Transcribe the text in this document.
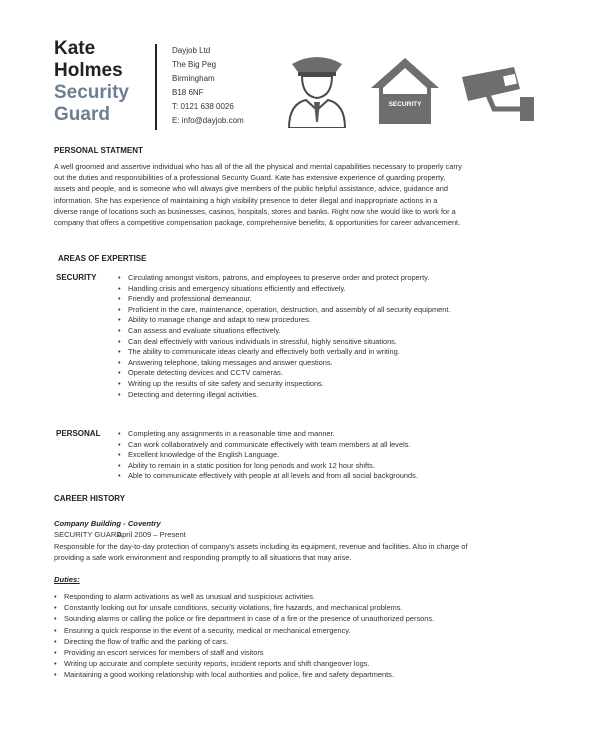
Kate
Holmes
Security
Guard
Dayjob Ltd
The Big Peg
Birmingham
B18 6NF
T: 0121 638 0026
E: info@dayjob.com
SECURITY
PERSONAL STATMENT
A well groomed and assertive individual who has all of the all the physical and mental capabilities necessary to properly carry
out the duties and responsibilities of a professional Security Guard. Kate has extensive experience of guarding property,
assets and people, and is someone who will always give members of the public helpful assistance, advice, guidance and
information. She has experience of maintaining a high visibility presence to deter illegal and inappropriate actions in a
diverse range of locations such as businesses, casinos, hospitals, stores and banks. Right now she would like to work for a
company that offers a competitive compensation package, comprehensive benefits, & opportunities for career advancement.
AREAS OF EXPERTISE
SECURITY	• Circulating amongst visitors, patrons, and employees to preserve order and protect property.
• Handling crisis and emergency situations efficiently and effectively.
• Friendly and professional demeanour.
• Proficient in the care, maintenance, operation, destruction, and assembly of all security equipment.
• Ability to manage change and adapt to new procedures.
• Can assess and evaluate situations effectively.
• Can deal effectively with various individuals in stressful, highly sensitive situations.
• The ability to communicate ideas clearly and effectively both verbally and in writing.
• Answering telephone, taking messages and answer questions.
• Operate detecting devices and CCTV cameras.
• Writing up the results of site safety and security inspections.
• Detecting and deterring illegal activities.
PERSONAL	• Completing any assignments in a reasonable time and manner.
• Can work collaboratively and communicate effectively with team members at all levels.
• Excellent knowledge of the English Language.
• Ability to remain in a static position for long periods and work 12 hour shifts.
• Able to communicate effectively with people at all levels and from all social backgrounds.
CAREER HISTORY
Company Building - Coventry
SECURITY GUARD
April 2009 – Present
Responsible for the day-to-day protection of company's assets including its equipment, revenue and facilities. Also in charge of
providing a safe work environment and responding promptly to all situations that may arise.
Duties:
• Responding to alarm activations as well as unusual and suspicious activities.
• Constantly looking out for unsafe conditions, security violations, fire hazards, and mechanical problems.
• Sounding alarms or calling the police or fire department in case of a fire or the presence of unauthorized persons.
• Ensuring a quick response in the event of a security, medical or mechanical emergency.
• Directing the flow of traffic and the parking of cars.
• Providing an escort services for members of staff and visitors
• Writing up accurate and complete security reports, incident reports and shift changeover logs.
• Maintaining a good working relationship with local authorities and police, fire and safety departments.
